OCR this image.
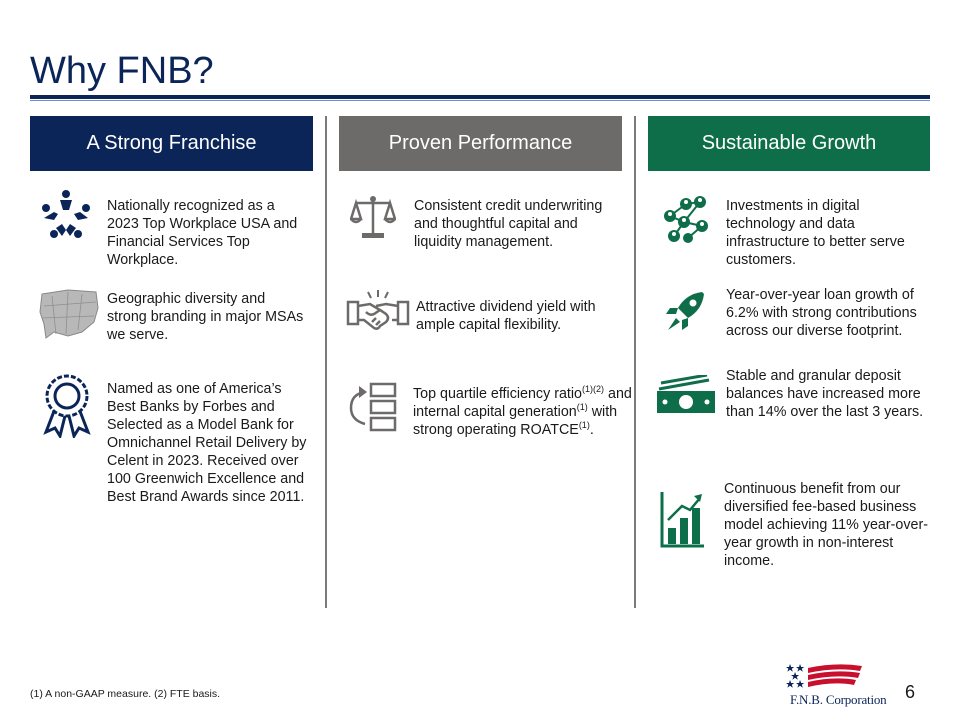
Why FNB?
A Strong Franchise	Proven Performance	Sustainable Growth
Nationally recognized as a 2023 Top Workplace USA and Financial Services Top Workplace.
Geographic diversity and strong branding in major MSAs we serve.
Named as one of America’s Best Banks by Forbes and Selected as a Model Bank for Omnichannel Retail Delivery by Celent in 2023. Received over 100 Greenwich Excellence and Best Brand Awards since 2011.
Consistent credit underwriting and thoughtful capital and liquidity management.
Attractive dividend yield with ample capital flexibility.
Top quartile efficiency ratio$^{(1)(2)}$ and internal capital generation$^{(1)}$ with strong operating ROATCE$^{(1)}$.
Investments in digital technology and data infrastructure to better serve customers.
Year-over-year loan growth of 6.2% with strong contributions across our diverse footprint.
Stable and granular deposit balances have increased more than 14% over the last 3 years.
Continuous benefit from our diversified fee-based business model achieving 11% year-over-year growth in non-interest income.
(1) A non-GAAP measure. (2) FTE basis.	F.N.B. Corporation 6
